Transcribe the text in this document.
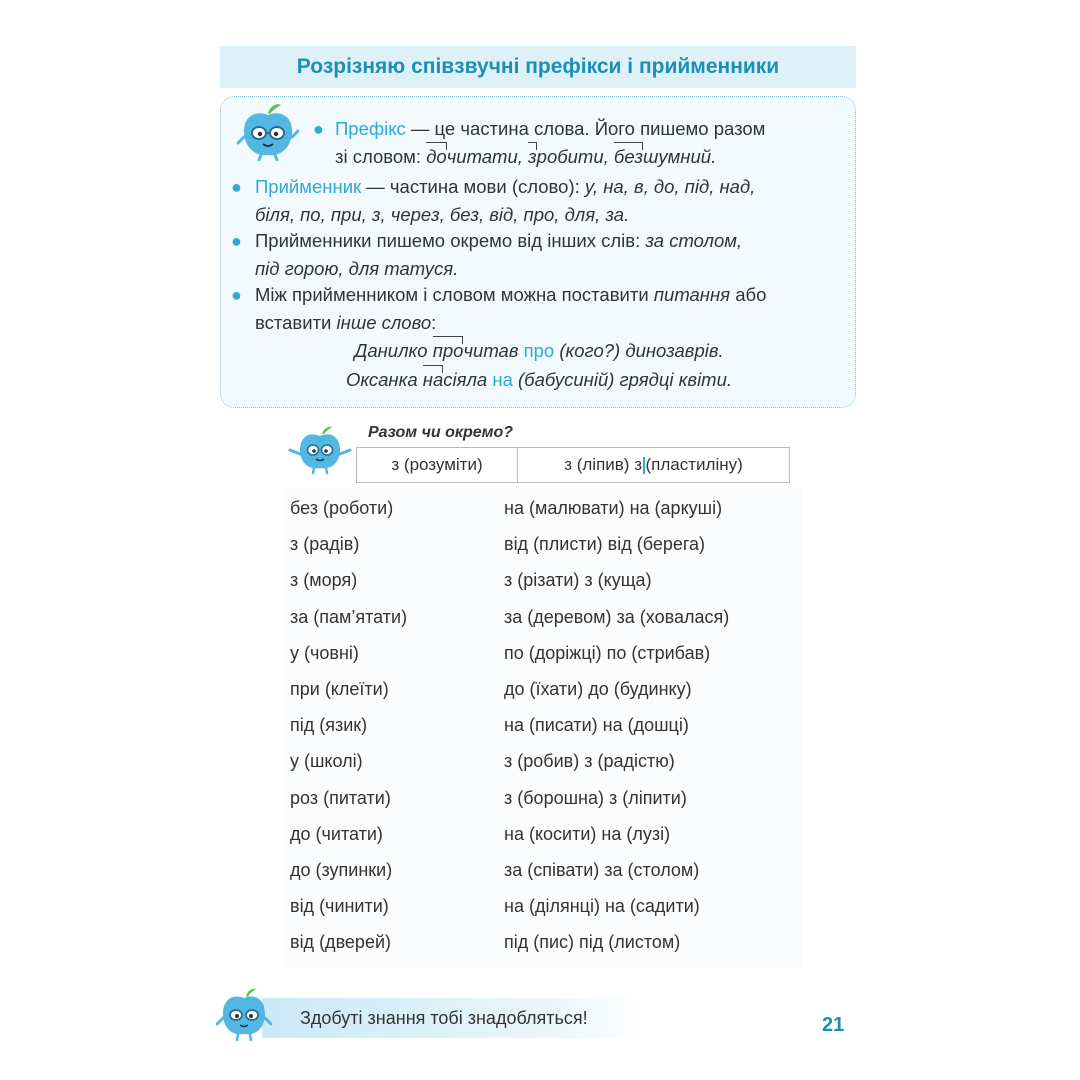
Розрізняю співзвучні префікси і прийменники
● Префікс — це частина слова. Його пишемо разом
зі словом: дочитати, зробити, безшумний.
● Прийменник — частина мови (слово): у, на, в, до, під, над,
біля, по, при, з, через, без, від, про, для, за.
● Прийменники пишемо окремо від інших слів: за столом,
під горою, для татуся.
● Між прийменником і словом можна поставити питання або
вставити інше слово:
Данилко прочитав про (кого?) динозаврів.
Оксанка насіяла на (бабусиній) грядці квіти.
Разом чи окремо?
з (розуміти)	з (ліпив) з (пластиліну)
без (роботи)
з (радів)
з (моря)
за (пам’ятати)
у (човні)
при (клеїти)
під (язик)
у (школі)
роз (питати)
до (читати)
до (зупинки)
від (чинити)
від (дверей)
на (малювати) на (аркуші)
від (плисти) від (берега)
з (різати) з (куща)
за (деревом) за (ховалася)
по (доріжці) по (стрибав)
до (їхати) до (будинку)
на (писати) на (дошці)
з (робив) з (радістю)
з (борошна) з (ліпити)
на (косити) на (лузі)
за (співати) за (столом)
на (ділянці) на (садити)
під (пис) під (листом)
Здобуті знання тобі знадобляться!	21
